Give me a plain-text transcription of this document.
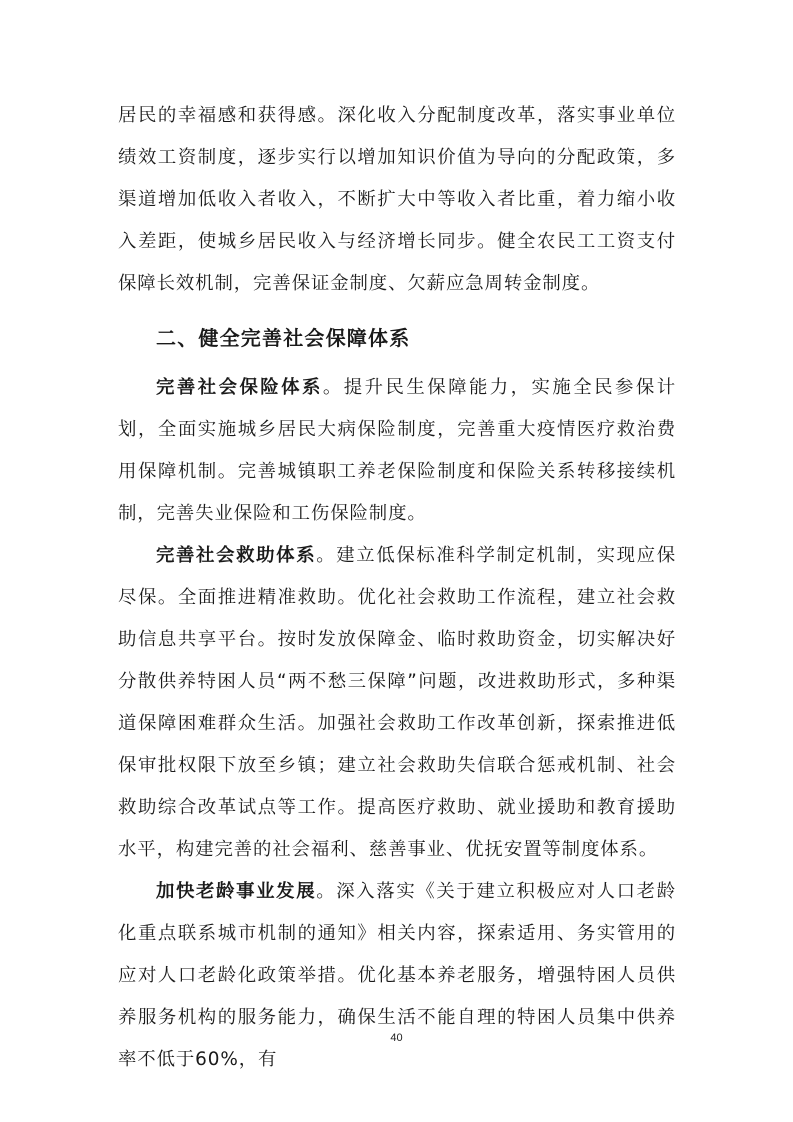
居民的幸福感和获得感。深化收入分配制度改革，落实事业单位绩效工资制度，逐步实行以增加知识价值为导向的分配政策，多渠道增加低收入者收入，不断扩大中等收入者比重，着力缩小收入差距，使城乡居民收入与经济增长同步。健全农民工工资支付保障长效机制，完善保证金制度、欠薪应急周转金制度。

二、健全完善社会保障体系

完善社会保险体系。提升民生保障能力，实施全民参保计划，全面实施城乡居民大病保险制度，完善重大疫情医疗救治费用保障机制。完善城镇职工养老保险制度和保险关系转移接续机制，完善失业保险和工伤保险制度。

完善社会救助体系。建立低保标准科学制定机制，实现应保尽保。全面推进精准救助。优化社会救助工作流程，建立社会救助信息共享平台。按时发放保障金、临时救助资金，切实解决好分散供养特困人员“两不愁三保障”问题，改进救助形式，多种渠道保障困难群众生活。加强社会救助工作改革创新，探索推进低保审批权限下放至乡镇；建立社会救助失信联合惩戒机制、社会救助综合改革试点等工作。提高医疗救助、就业援助和教育援助水平，构建完善的社会福利、慈善事业、优抚安置等制度体系。

加快老龄事业发展。深入落实《关于建立积极应对人口老龄化重点联系城市机制的通知》相关内容，探索适用、务实管用的应对人口老龄化政策举措。优化基本养老服务，增强特困人员供养服务机构的服务能力，确保生活不能自理的特困人员集中供养率不低于60%，有

40
